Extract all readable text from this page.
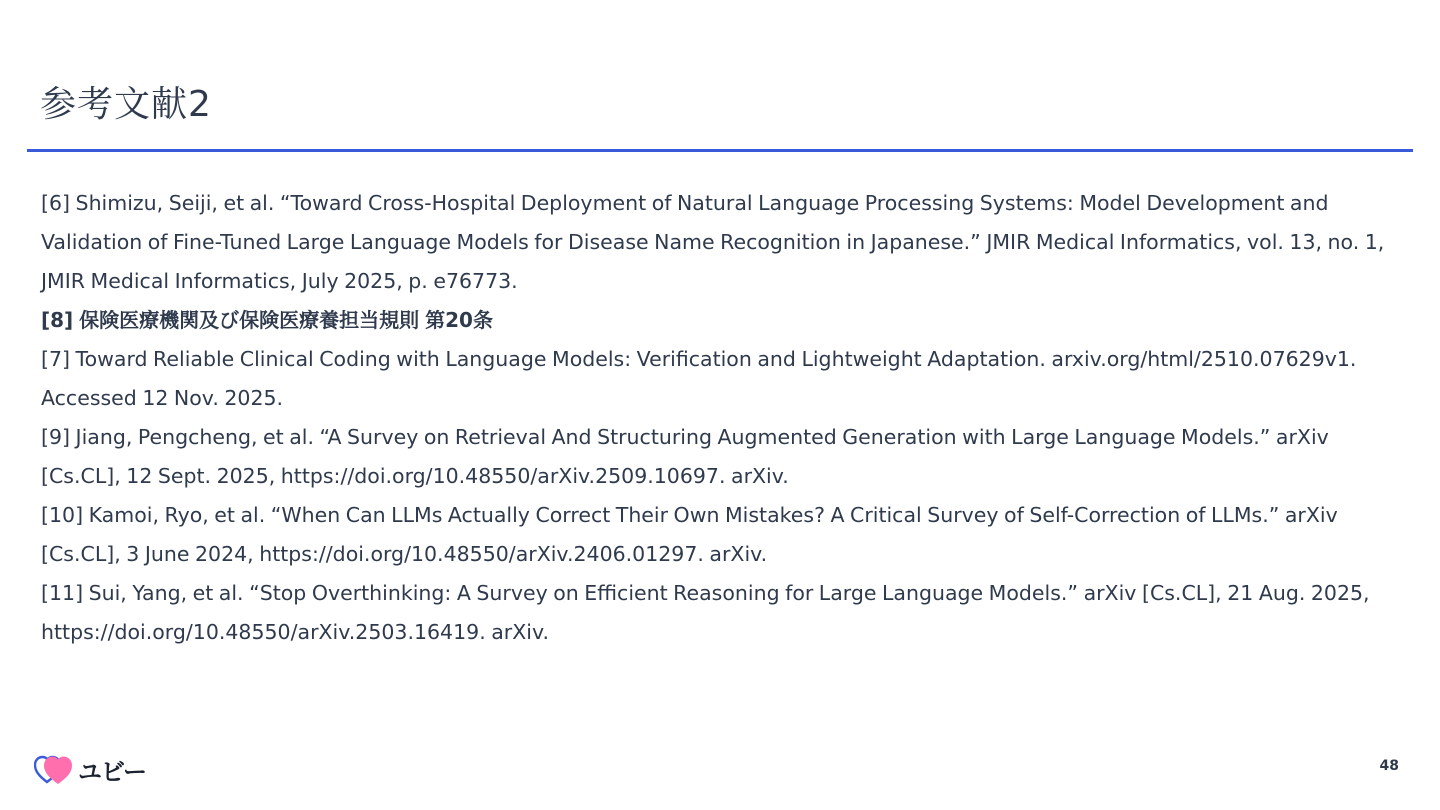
参考文献2
[6] Shimizu, Seiji, et al. “Toward Cross-Hospital Deployment of Natural Language Processing Systems: Model Development and Validation of Fine-Tuned Large Language Models for Disease Name Recognition in Japanese.” JMIR Medical Informatics, vol. 13, no. 1, JMIR Medical Informatics, July 2025, p. e76773.
[8] 保険医療機関及び保険医療養担当規則 第20条
[7] Toward Reliable Clinical Coding with Language Models: Verification and Lightweight Adaptation. arxiv.org/html/2510.07629v1. Accessed 12 Nov. 2025.
[9] Jiang, Pengcheng, et al. “A Survey on Retrieval And Structuring Augmented Generation with Large Language Models.” arXiv [Cs.CL], 12 Sept. 2025, https://doi.org/10.48550/arXiv.2509.10697. arXiv.
[10] Kamoi, Ryo, et al. “When Can LLMs Actually Correct Their Own Mistakes? A Critical Survey of Self-Correction of LLMs.” arXiv [Cs.CL], 3 June 2024, https://doi.org/10.48550/arXiv.2406.01297. arXiv.
[11] Sui, Yang, et al. “Stop Overthinking: A Survey on Efficient Reasoning for Large Language Models.” arXiv [Cs.CL], 21 Aug. 2025, https://doi.org/10.48550/arXiv.2503.16419. arXiv.
ユビー	48
